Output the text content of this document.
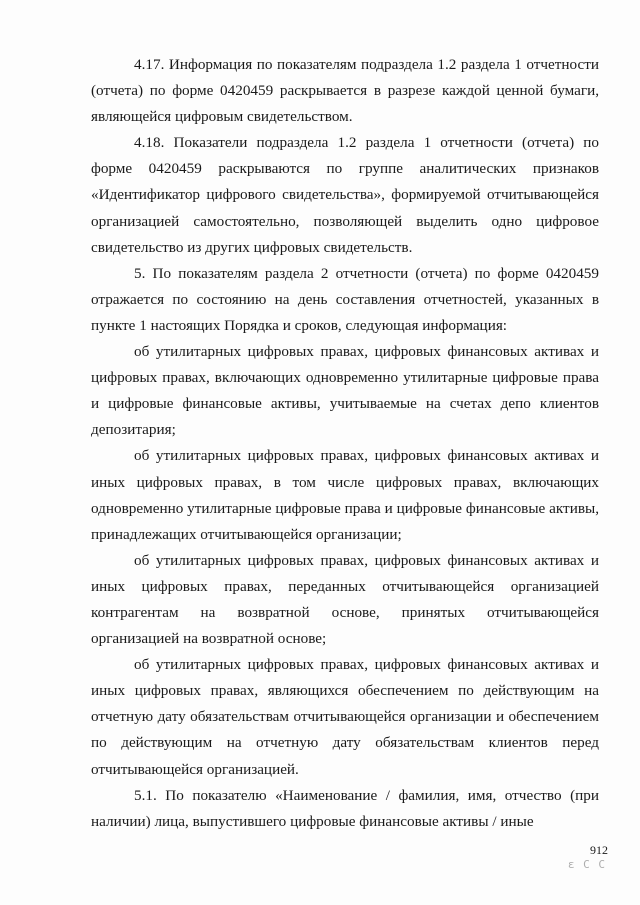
4.17. Информация по показателям подраздела 1.2 раздела 1 отчетности (отчета) по форме 0420459 раскрывается в разрезе каждой ценной бумаги, являющейся цифровым свидетельством.

4.18. Показатели подраздела 1.2 раздела 1 отчетности (отчета) по форме 0420459 раскрываются по группе аналитических признаков «Идентификатор цифрового свидетельства», формируемой отчитывающейся организацией самостоятельно, позволяющей выделить одно цифровое свидетельство из других цифровых свидетельств.

5. По показателям раздела 2 отчетности (отчета) по форме 0420459 отражается по состоянию на день составления отчетностей, указанных в пункте 1 настоящих Порядка и сроков, следующая информация:

об утилитарных цифровых правах, цифровых финансовых активах и цифровых правах, включающих одновременно утилитарные цифровые права и цифровые финансовые активы, учитываемые на счетах депо клиентов депозитария;

об утилитарных цифровых правах, цифровых финансовых активах и иных цифровых правах, в том числе цифровых правах, включающих одновременно утилитарные цифровые права и цифровые финансовые активы, принадлежащих отчитывающейся организации;

об утилитарных цифровых правах, цифровых финансовых активах и иных цифровых правах, переданных отчитывающейся организацией контрагентам на возвратной основе, принятых отчитывающейся организацией на возвратной основе;

об утилитарных цифровых правах, цифровых финансовых активах и иных цифровых правах, являющихся обеспечением по действующим на отчетную дату обязательствам отчитывающейся организации и обеспечением по действующим на отчетную дату обязательствам клиентов перед отчитывающейся организацией.

5.1. По показателю «Наименование / фамилия, имя, отчество (при наличии) лица, выпустившего цифровые финансовые активы / иные

912
ε C C
